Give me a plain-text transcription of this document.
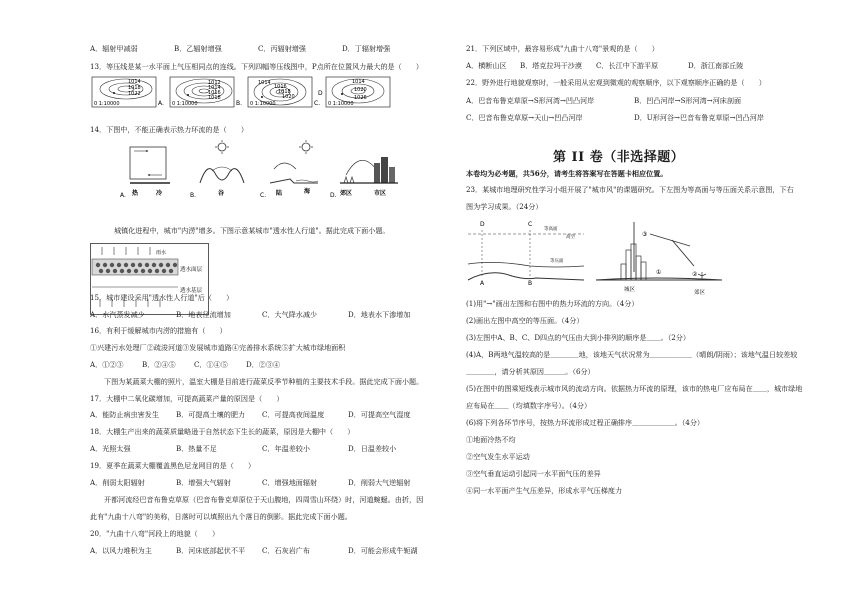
A．辐射甲减弱	B．乙辐射增强	C．丙辐射增强	D．丁辐射增强
13．等压线是某一水平面上气压相同点的连线。下列四幅等压线图中，P点所在位置风力最大的是（　　）
1014
1018
1022
0 1:10000	A.
1012
1014
1016
1018
0 1:10000	B.
1014
1016
1018
1020
0 1:10000	C.
1014
1020
1026
0 1:10000
D
14．下图中，不能正确表示热力环流的是（　　）
热	冷
A.	谷
B.	陆	海
C.	郊区	市区
D.
城镇化进程中，城市"内涝"增多。下图示意某城市"透水性人行道"。据此完成下面小题。
雨水
透水面层
透水基层
15．城市建设采用"透水性人行道"后（　　）
A．水汽蒸发减少	B．地表径流增加	C．大气降水减少	D．地表水下渗增加
16．有利于缓解城市内涝的措施有（　　）
①兴建污水处理厂②疏浚河道③发展城市道路④完善排水系统⑤扩大城市绿地面积
A．①②③	B．②④⑤	C．①④⑤	D．②③④
下图为某蔬菜大棚的照片，温室大棚是目前进行蔬菜反季节种植的主要技术手段。据此完成下面小题。
17．大棚中二氧化碳增加，可提高蔬菜产量的原因是（　　）
A．能防止病虫害发生 B．可提高土壤的肥力 C．可提高夜间温度	D．可提高空气湿度
18．大棚生产出来的蔬菜质量略逊于自然状态下生长的蔬菜，原因是大棚中（　　）
A．光照太强	B．热量不足	C．年温差较小	D．日温差较小
19．夏季在蔬菜大棚覆盖黑色尼龙网目的是（　　）
A．削弱太阳辐射	B．增强大气辐射	C．增强地面辐射	D．削弱大气逆辐射
开都河流经巴音布鲁克草原（巴音布鲁克草原位于天山腹地，四周雪山环绕）时，河道蜿蜒。由折，因
此有"九曲十八弯"的美称，日落时可以填照出九个落日的倒影。据此完成下面小题。
20．"九曲十八弯"河段上的地貌（　　）
A．以风力堆积为主	B．河床底部起伏不平 C．石灰岩广布	D．可能会形成牛轭湖
21．下列区域中，最容易形成"九曲十八弯"景观的是（　　）
A．横断山区 B．塔克拉玛干沙漠 C．长江中下游平原	D．浙江南部丘陵
22．野外进行地貌观察时，一般采用从宏观到微观的观察顺序，以下观察顺序正确的是（　　）
A．巴音布鲁克草原→S形河湾→凹凸河岸	B．凹凸河岸→S形河湾→河床剖面
C．巴音布鲁克草原→天山→凹凸河岸	D．U形河谷→巴音布鲁克草原→凹凸河岸
第 II 卷（非选择题）
本卷均为必考题，共56分，请考生将答案写在答题卡相应位置。
23．某城市地理研究性学习小组开展了"城市风"的课题研究。下左图为等高面与等压面关系示意图，下右
图为学习成果。（24分）
D	C
等高面
高空
等压面
A	B
①	②
③
城区	郊区
(1)用"→"画出左图和右图中的热力环流的方向。（4分）
(2)画出左图中高空的等压面。（4分）
(3)左图中A、B、C、D四点的气压由大到小排列的顺序是＿＿。（2分）
(4)A，B两地气温较高的是＿＿＿＿地，该地天气状况常为＿＿＿＿＿＿（晴朗/阴雨）；该地气温日较差较
＿＿＿＿，请分析其原因＿＿＿。（6分）
(5)在图中的图乘短线表示城市风的流动方向。依据热力环流的原理，该市的热电厂应布局在＿＿，城市绿地
应布局在＿＿（均填数字序号）。（4分）
(6)将下列各环节序号，按热力环流形成过程正确排序＿＿＿＿＿＿。（4分）
①地面冷热不均
②空气发生水平运动
③空气垂直运动引起同一水平面气压的差异
④同一水平面产生气压差异，形成水平气压梯度力
